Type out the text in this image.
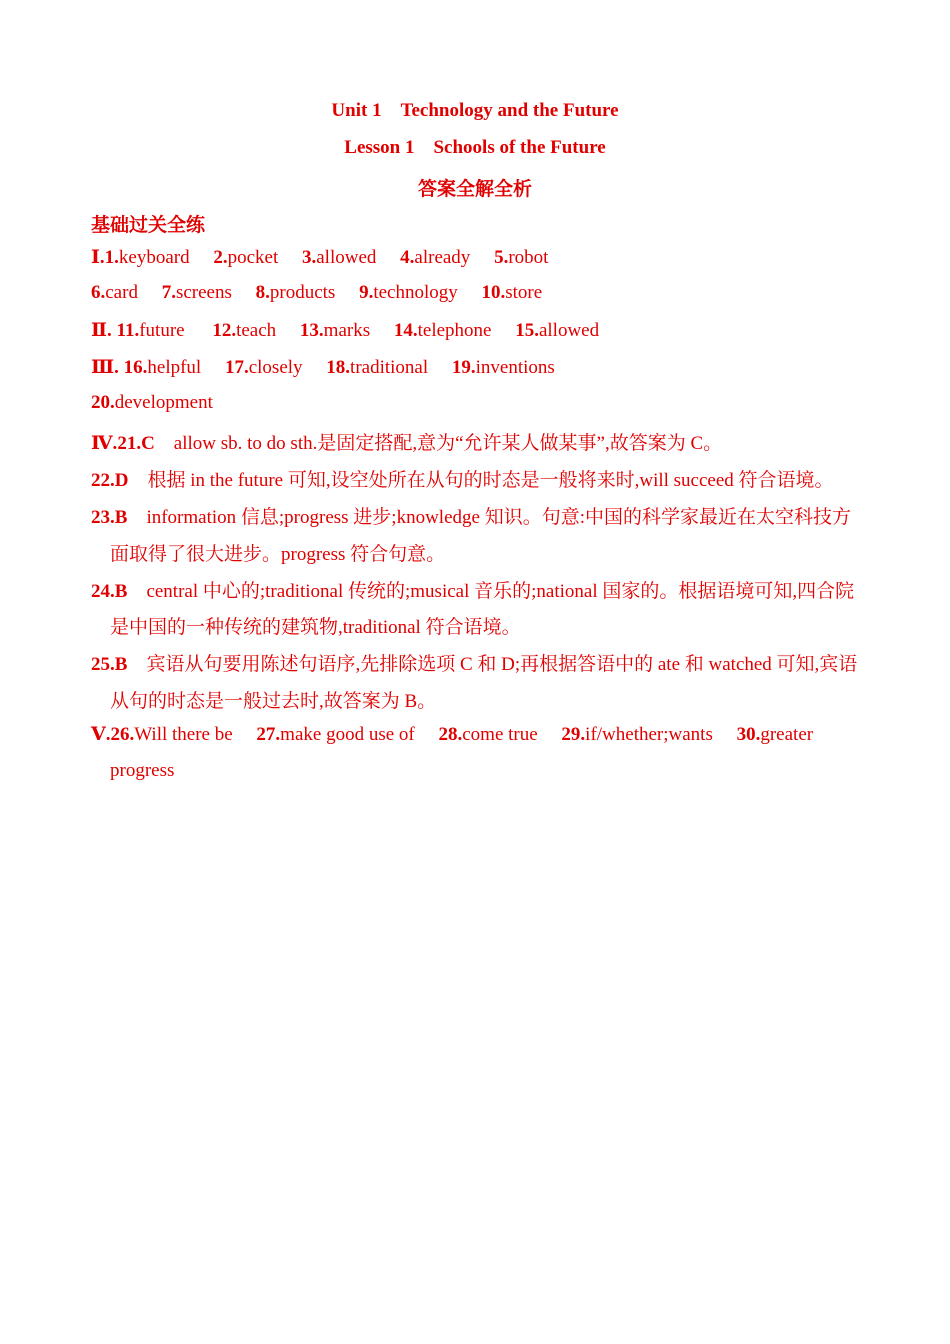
Unit 1 Technology and the Future
Lesson 1 Schools of the Future
答案全解全析
基础过关全练
Ⅰ.1.keyboard 2.pocket 3.allowed 4.already 5.robot
6.card 7.screens 8.products 9.technology 10.store
Ⅱ. 11.future 12.teach 13.marks 14.telephone 15.allowed
Ⅲ. 16.helpful 17.closely 18.traditional 19.inventions
20.development
Ⅳ.21.C allow sb. to do sth.是固定搭配,意为“允许某人做某事”,故答案为 C。
22.D 根据 in the future 可知,设空处所在从句的时态是一般将来时,will succeed 符合语境。
23.B information 信息;progress 进步;knowledge 知识。句意:中国的科学家最近在太空科技方
面取得了很大进步。progress 符合句意。
24.B central 中心的;traditional 传统的;musical 音乐的;national 国家的。根据语境可知,四合院
是中国的一种传统的建筑物,traditional 符合语境。
25.B 宾语从句要用陈述句语序,先排除选项 C 和 D;再根据答语中的 ate 和 watched 可知,宾语
从句的时态是一般过去时,故答案为 B。
Ⅴ.26.Will there be 27.make good use of 28.come true 29.if/whether;wants 30.greater
progress
